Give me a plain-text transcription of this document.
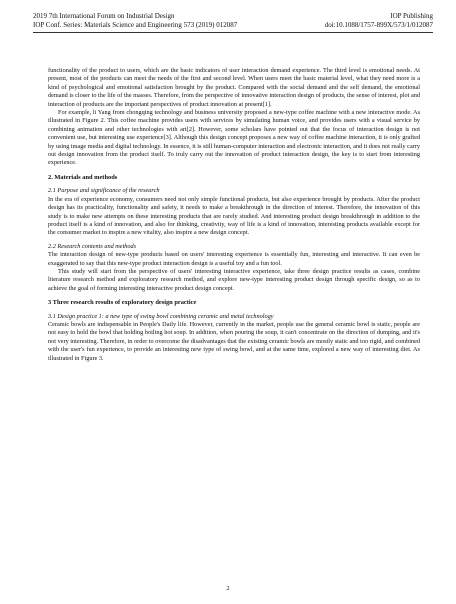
2019 7th International Forum on Industrial Design	IOP Publishing
IOP Conf. Series: Materials Science and Engineering 573 (2019) 012087	doi:10.1088/1757-899X/573/1/012087

functionality of the product to users, which are the basic indicators of user interaction demand experience. The third level is emotional needs. At present, most of the products can meet the needs of the first and second level. When users meet the basic material level, what they need more is a kind of psychological and emotional satisfaction brought by the product. Compared with the social demand and the self demand, the emotional demand is closer to the life of the masses. Therefore, from the perspective of innovative interaction design of products, the sense of interest, plot and interaction of products are the important perspectives of product innovation at present[1].

For example, li Yang from chongqing technology and business university proposed a new-type coffee machine with a new interactive mode. As illustrated in Figure 2. This coffee machine provides users with services by simulating human voice, and provides users with a visual service by combining animation and other technologies with art[2]. However, some scholars have pointed out that the focus of interaction design is not convenient use, but interesting use experience[3]. Although this design concept proposes a new way of coffee machine interaction, it is only grafted by using image media and digital technology. In essence, it is still human-computer interaction and electronic interaction, and it does not really carry out design innovation from the product itself. To truly carry out the innovation of product interaction design, the key is to start from interesting experience.

2. Materials and methods
2.1 Purpose and significance of the research

In the era of experience economy, consumers need not only simple functional products, but also experience brought by products. After the product design has its practicality, functionality and safety, it needs to make a breakthrough in the direction of interest. Therefore, the innovation of this study is to make new attempts on these interesting products that are rarely studied. And interesting product design breakthrough in addition to the product itself is a kind of innovation, and also for thinking, creativity, way of life is a kind of innovation, interesting products available except for the consumer market to inspire a new vitality, also inspire a new design concept.

2.2 Research contents and methods

The interaction design of new-type products based on users' interesting experience is essentially fun, interesting and interactive. It can even be exaggerated to say that this new-type product interaction design is a useful toy and a fun tool.

This study will start from the perspective of users' interesting interactive experience, take three design practice results as cases, combine literature research method and exploratory research method, and explore new-type interesting product design through specific design, so as to achieve the goal of forming interesting interactive product design concept.

3 Three research results of exploratory design practice
3.1 Design practice 1: a new type of swing bowl combining ceramic and metal technology

Ceramic bowls are indispensable in People's Daily life. However, currently in the market, people use the general ceramic bowl is static, people are not easy to hold the bowl that holding boiling hot soup. In addition, when pouring the soup, it can't concentrate on the direction of dumping, and it's not very interesting. Therefore, in order to overcome the disadvantages that the existing ceramic bowls are mostly static and too rigid, and combined with the user's fun experience, to provide an interesting new type of swing bowl, and at the same time, explored a new way of interesting diet. As illustrated in Figure 3.

2
